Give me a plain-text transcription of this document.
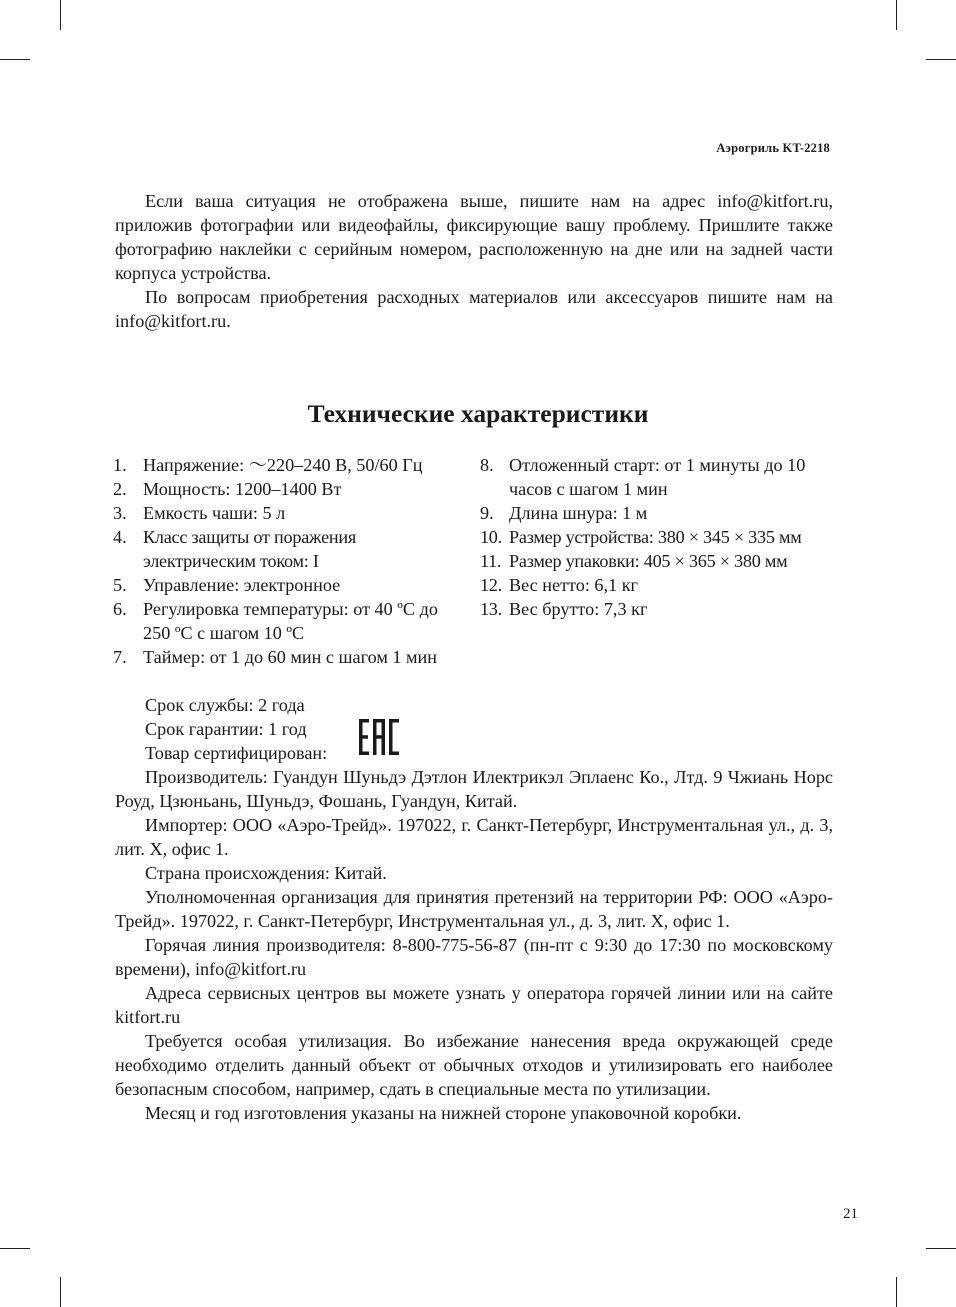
Аэрогриль KT-2218

Если ваша ситуация не отображена выше, пишите нам на адрес info@kitfort.ru, приложив фотографии или видеофайлы, фиксирующие вашу проблему. Пришлите также фотографию наклейки с серийным номером, расположенную на дне или на задней части корпуса устройства.

По вопросам приобретения расходных материалов или аксессуаров пишите нам на info@kitfort.ru.

Технические характеристики
1. Напряжение: ～220–240 В, 50/60 Гц
2. Мощность: 1200–1400 Вт
3. Емкость чаши: 5 л
4. Класс защиты от поражения электрическим током: I
5. Управление: электронное
6. Регулировка температуры: от 40 ºС до 250 ºС с шагом 10 ºС
7. Таймер: от 1 до 60 мин с шагом 1 мин
8. Отложенный старт: от 1 минуты до 10 часов с шагом 1 мин
9. Длина шнура: 1 м
10. Размер устройства: 380 × 345 × 335 мм
11. Размер упаковки: 405 × 365 × 380 мм
12. Вес нетто: 6,1 кг
13. Вес брутто: 7,3 кг

Срок службы: 2 года

Срок гарантии: 1 год

Товар сертифицирован:

Производитель: Гуандун Шуньдэ Дэтлон Илектрикэл Эплаенс Ко., Лтд. 9 Чжиань Норс Роуд, Цзюньань, Шуньдэ, Фошань, Гуандун, Китай.

Импортер: ООО «Аэро-Трейд». 197022, г. Санкт-Петербург, Инструментальная ул., д. 3, лит. Х, офис 1.

Страна происхождения: Китай.

Уполномоченная организация для принятия претензий на территории РФ: ООО «Аэро-Трейд». 197022, г. Санкт-Петербург, Инструментальная ул., д. 3, лит. Х, офис 1.

Горячая линия производителя: 8-800-775-56-87 (пн-пт с 9:30 до 17:30 по московскому времени), info@kitfort.ru

Адреса сервисных центров вы можете узнать у оператора горячей линии или на сайте kitfort.ru

Требуется особая утилизация. Во избежание нанесения вреда окружающей среде необходимо отделить данный объект от обычных отходов и утилизировать его наиболее безопасным способом, например, сдать в специальные места по утилизации.

Месяц и год изготовления указаны на нижней стороне упаковочной коробки.

21
